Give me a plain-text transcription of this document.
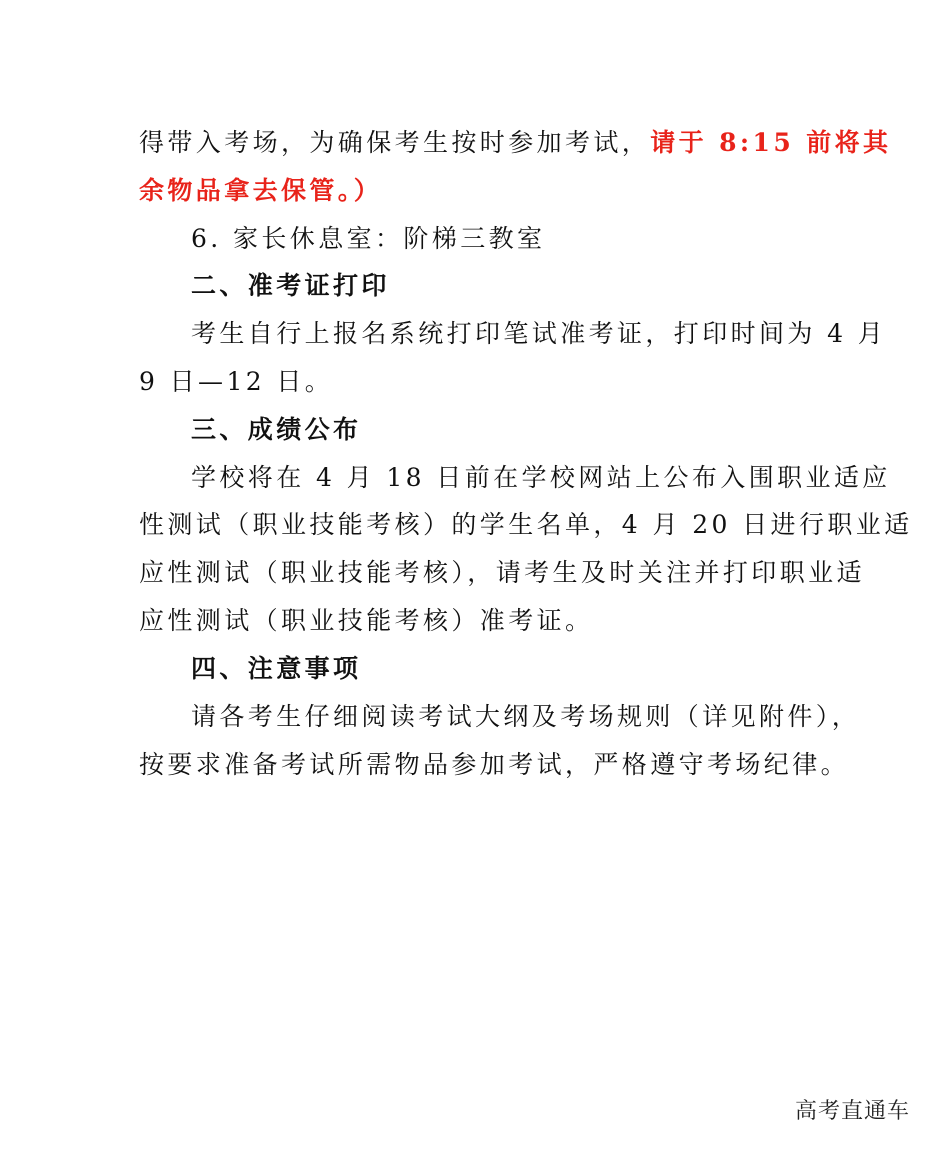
得带入考场，为确保考生按时参加考试，请于 8:15 前将其
余物品拿去保管。）
6. 家长休息室：阶梯三教室
二、准考证打印
考生自行上报名系统打印笔试准考证，打印时间为 4 月
9 日—12 日。
三、成绩公布
学校将在 4 月 18 日前在学校网站上公布入围职业适应
性测试（职业技能考核）的学生名单，4 月 20 日进行职业适
应性测试（职业技能考核），请考生及时关注并打印职业适
应性测试（职业技能考核）准考证。
四、注意事项
请各考生仔细阅读考试大纲及考场规则（详见附件），
按要求准备考试所需物品参加考试，严格遵守考场纪律。
高考直通车
